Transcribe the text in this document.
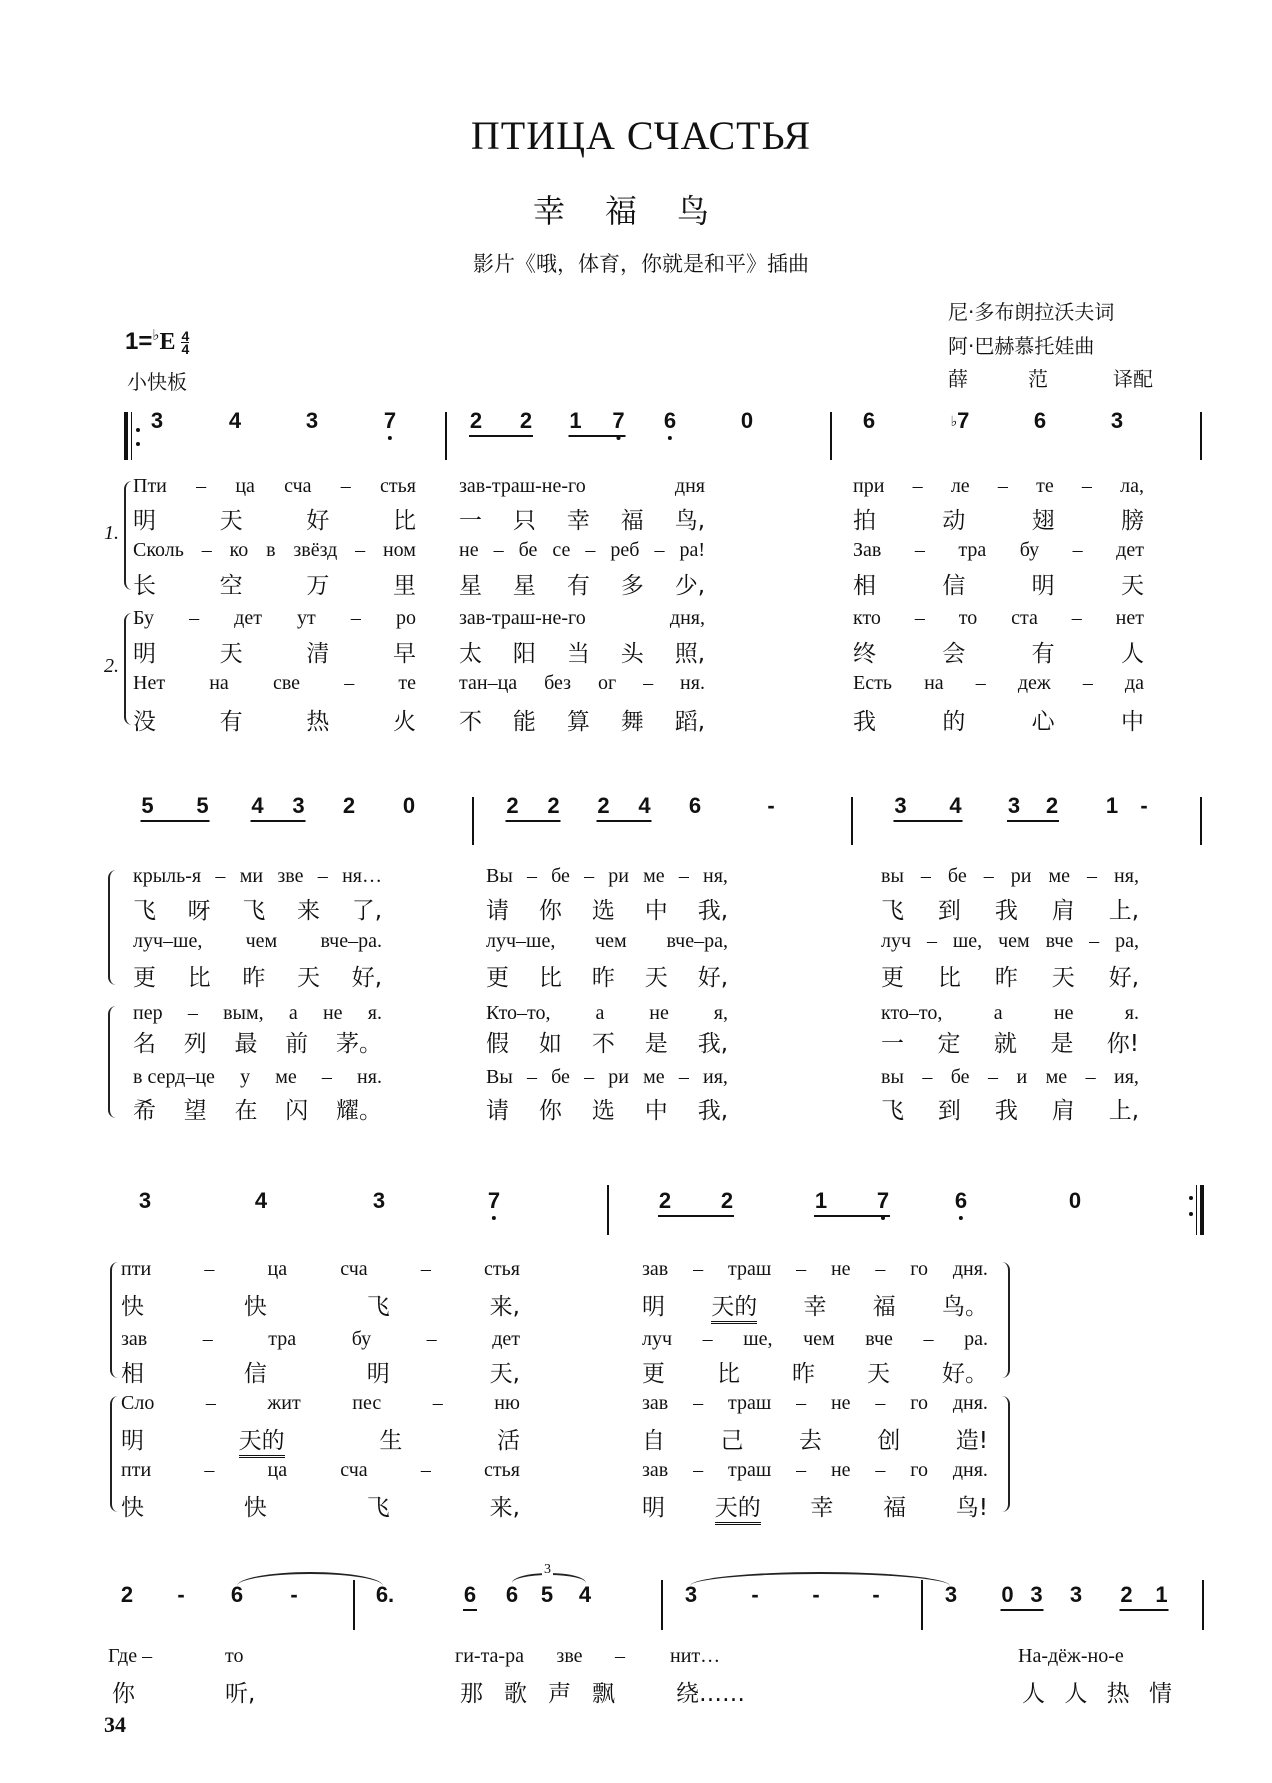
ПТИЦА СЧАСТЬЯ
幸福鸟
影片《哦，体育，你就是和平》插曲
尼·多布朗拉沃夫词
阿·巴赫慕托娃曲
薛　　　范	译配
$1=^♭E \frac{4}{4}$
小快板
3	4	3	7	2 2 1 7 6	0	6	♭7	6	3
Пти – ца сча – стья зав-траш-не-го	дня	при – ле – те – ла,
明	天	好	比 一 只 幸 福 鸟,	拍	动	翅	膀
Сколь – ко в звёзд – ном не – бе се – реб – ра!	Зав – тра бу – дет
长	空	万	里 星 星 有 多 少,	相	信	明	天
Бу – дет ут – ро зав-траш-не-го	дня,	кто – то ста – нет
明	天	清	早 太 阳 当 头 照,	终	会	有	人
Нет на све – те тан–ца без ог – ня.	Есть на – деж – да
没	有	热	火 不 能 算 舞 蹈,	我	的	心	中
5 5 4 3 2 0	2 2 2 4 6	-	3 4 3 2 1 -
крыль-я – ми зве – ня…	Вы – бе – ри ме – ня,	вы – бе – ри ме – ня,
飞 呀 飞 来 了,	请 你 选 中 我,	飞 到 我 肩 上,
луч–ше, чем вче–ра.	луч–ше, чем вче–ра,	луч – ше, чем вче – ра,
更 比 昨 天 好,	更 比 昨 天 好,	更 比 昨 天 好,
пер – вым, а не я.	Кто–то, а не я,	кто–то,	а	не	я.
名 列 最 前 茅。	假 如 不 是 我,	一 定 就 是 你!
в серд–це у ме – ня.	Вы – бе – ри ме – ия,	вы – бе – и ме – ия,
希 望 在 闪 耀。	请 你 选 中 我,	飞 到 我 肩 上,
3	4	3	7	2 2	1 7	6	0
пти	–	ца	сча	–	стья	зав – траш – не – го дня.
快	快	飞	来,	明 天的 幸 福 鸟。
зав	–	тра	бу	–	дет	луч – ше, чем вче – ра.
相	信	明	天,	更 比 昨 天 好。
Сло	–	жит	пес	–	ню	зав – траш – не – го дня.
明	天的	生	活	自 己 去 创 造!
пти	–	ца	сча	–	стья	зав – траш – не – го дня.
快	快	飞	来,	明 天的 幸 福 鸟!
2 - 6 -	6.	6 6 5 4	3 - - -	3 0 3 3 2 1
Где –	то	ги-та-ра зве – нит…	На-дёж-но-е
你	听,	那 歌 声 飘	绕……	人 人 热 情
1.
2.
3
34
